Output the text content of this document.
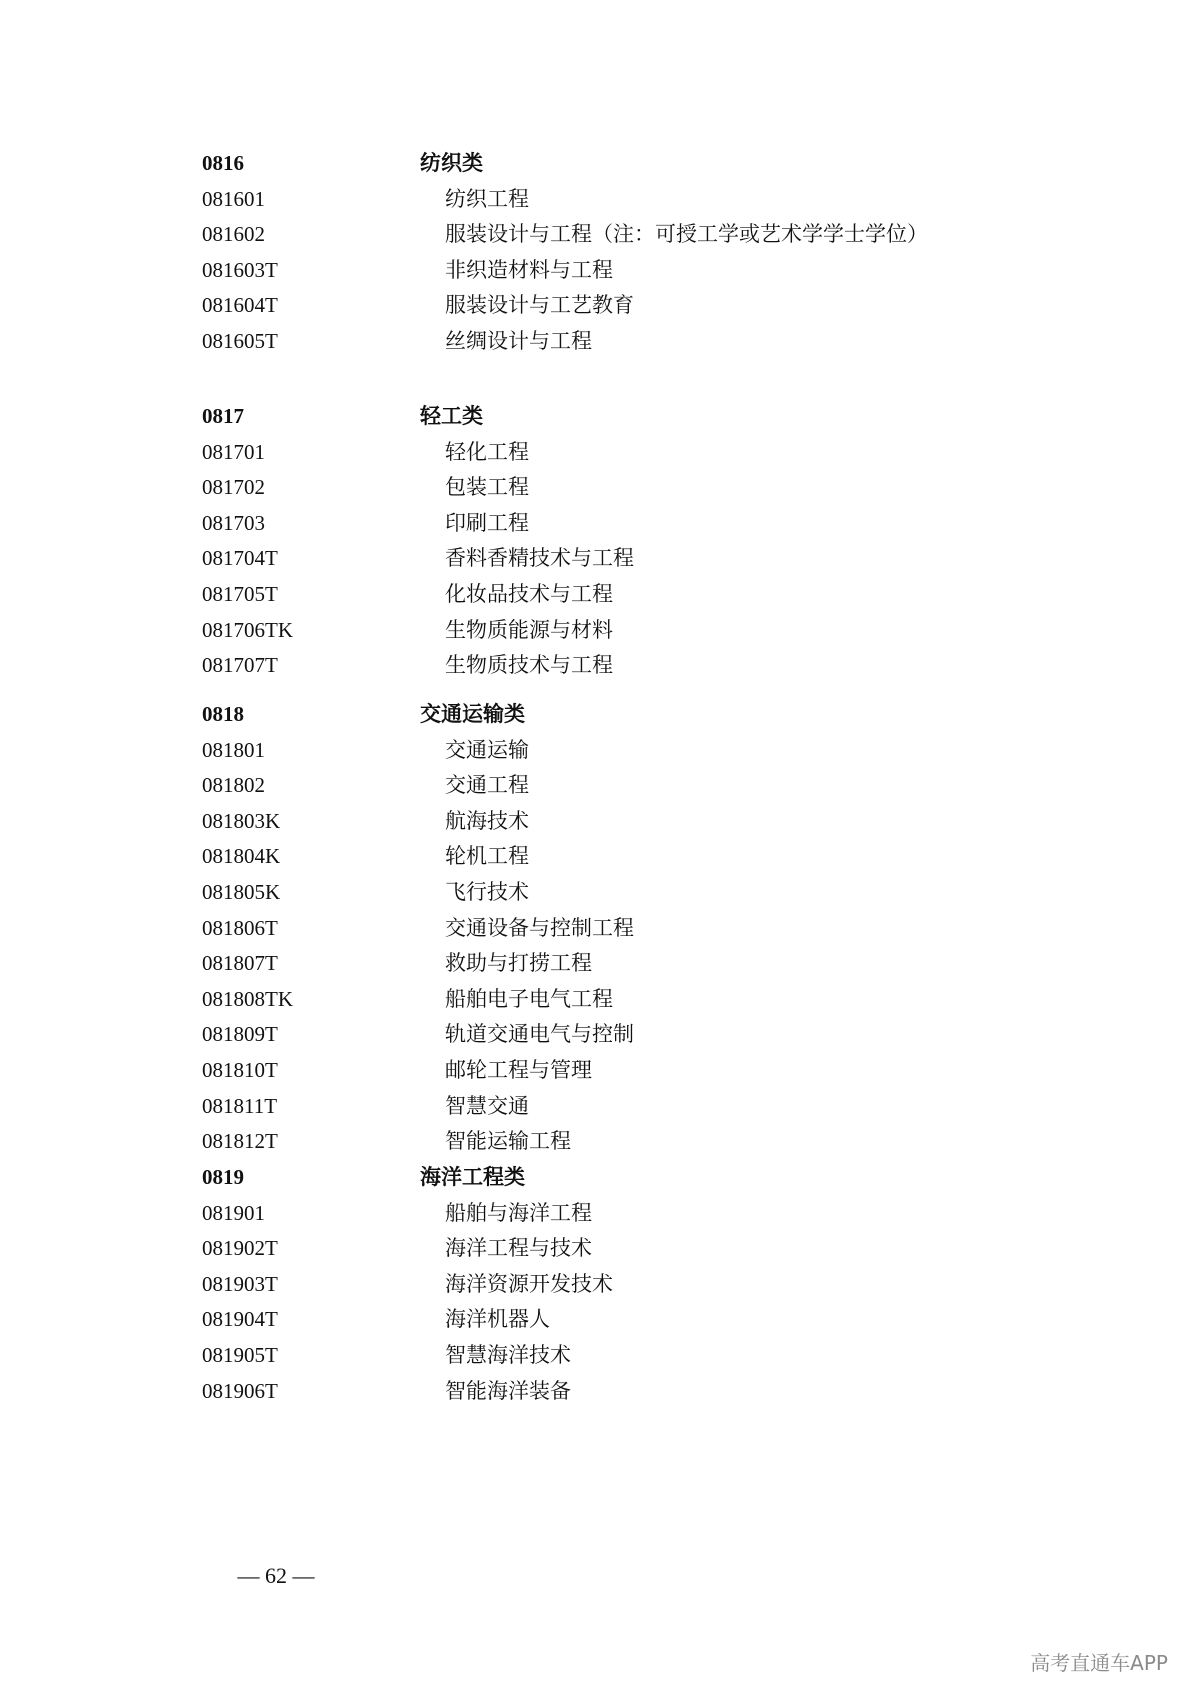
0816	纺织类
081601	纺织工程
081602	服装设计与工程（注：可授工学或艺术学学士学位）
081603T	非织造材料与工程
081604T	服装设计与工艺教育
081605T	丝绸设计与工程
0817	轻工类
081701	轻化工程
081702	包装工程
081703	印刷工程
081704T	香料香精技术与工程
081705T	化妆品技术与工程
081706TK	生物质能源与材料
081707T	生物质技术与工程
0818	交通运输类
081801	交通运输
081802	交通工程
081803K	航海技术
081804K	轮机工程
081805K	飞行技术
081806T	交通设备与控制工程
081807T	救助与打捞工程
081808TK	船舶电子电气工程
081809T	轨道交通电气与控制
081810T	邮轮工程与管理
081811T	智慧交通
081812T	智能运输工程
0819	海洋工程类
081901	船舶与海洋工程
081902T	海洋工程与技术
081903T	海洋资源开发技术
081904T	海洋机器人
081905T	智慧海洋技术
081906T	智能海洋装备
— 62 —
高考直通车APP
